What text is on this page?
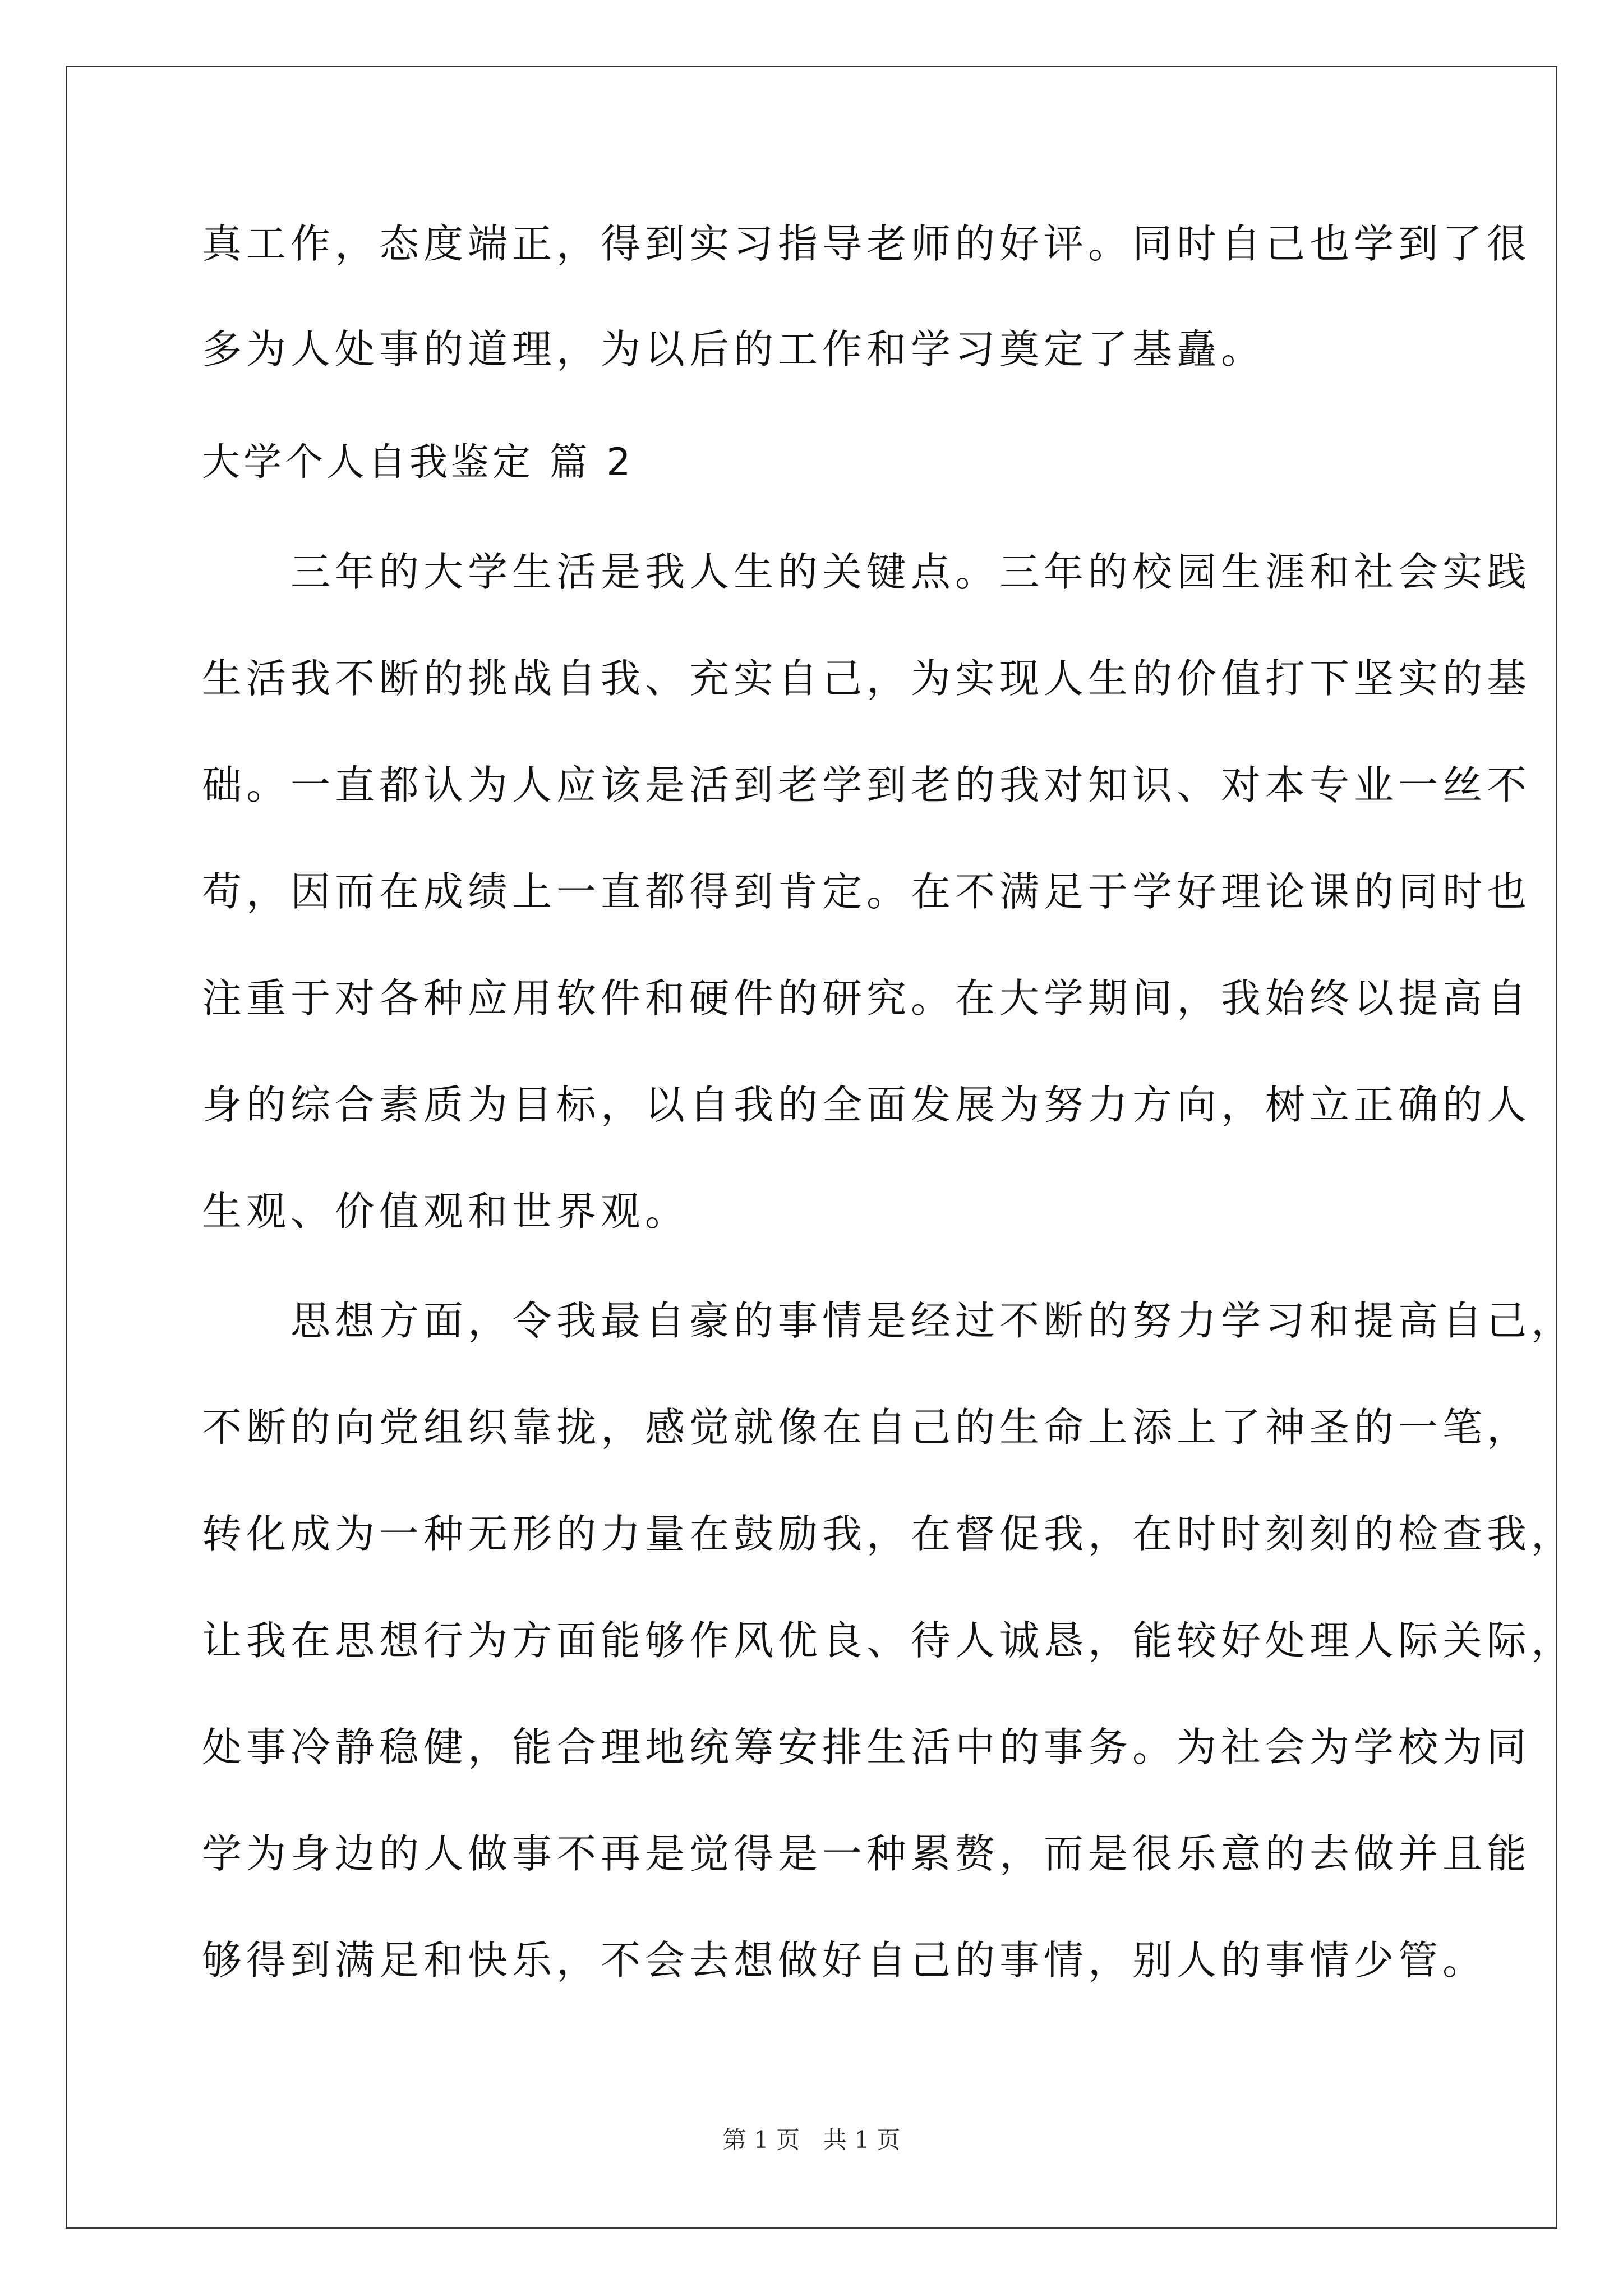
真工作，态度端正，得到实习指导老师的好评。同时自己也学到了很
多为人处事的道理，为以后的工作和学习奠定了基矗。
大学个人自我鉴定 篇 2
　　三年的大学生活是我人生的关键点。三年的校园生涯和社会实践
生活我不断的挑战自我、充实自己，为实现人生的价值打下坚实的基
础。一直都认为人应该是活到老学到老的我对知识、对本专业一丝不
苟，因而在成绩上一直都得到肯定。在不满足于学好理论课的同时也
注重于对各种应用软件和硬件的研究。在大学期间，我始终以提高自
身的综合素质为目标，以自我的全面发展为努力方向，树立正确的人
生观、价值观和世界观。
　　思想方面，令我最自豪的事情是经过不断的努力学习和提高自己，
不断的向党组织靠拢，感觉就像在自己的生命上添上了神圣的一笔，
转化成为一种无形的力量在鼓励我，在督促我，在时时刻刻的检查我，
让我在思想行为方面能够作风优良、待人诚恳，能较好处理人际关际，
处事冷静稳健，能合理地统筹安排生活中的事务。为社会为学校为同
学为身边的人做事不再是觉得是一种累赘，而是很乐意的去做并且能
够得到满足和快乐，不会去想做好自己的事情，别人的事情少管。
第 1 页　共 1 页
